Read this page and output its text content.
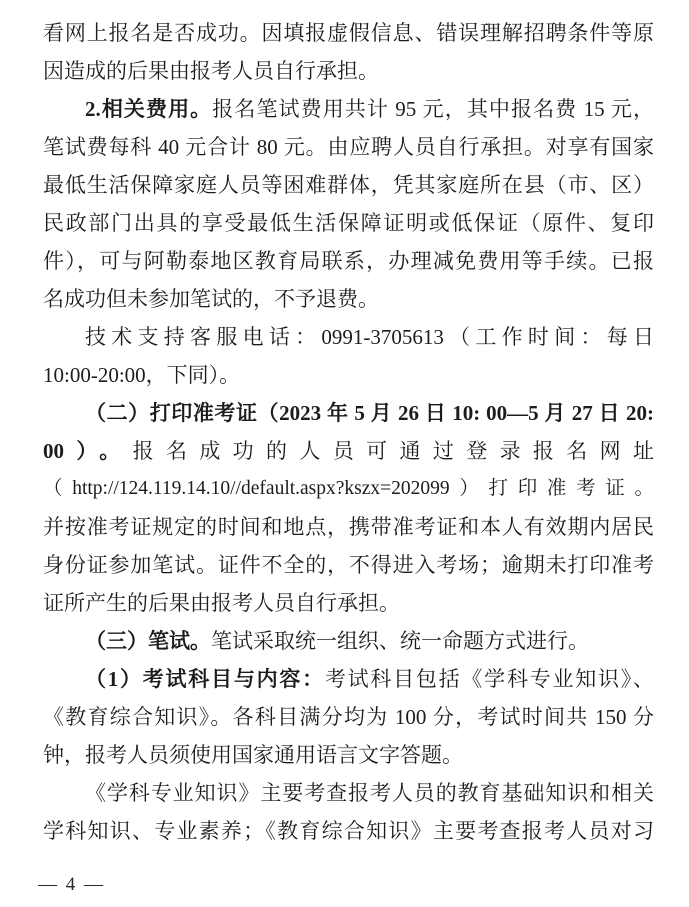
看网上报名是否成功。因填报虚假信息、错误理解招聘条件等原
因造成的后果由报考人员自行承担。
2.相关费用。报名笔试费用共计 95 元，其中报名费 15 元，
笔试费每科 40 元合计 80 元。由应聘人员自行承担。对享有国家
最低生活保障家庭人员等困难群体，凭其家庭所在县（市、区）
民政部门出具的享受最低生活保障证明或低保证（原件、复印
件），可与阿勒泰地区教育局联系，办理减免费用等手续。已报
名成功但未参加笔试的，不予退费。
技术支持客服电话：0991-3705613（工作时间：每日
10:00-20:00，下同）。
（二）打印准考证（2023 年 5 月 26 日 10: 00—5 月 27 日 20:
00）。报名成功的人员可通过登录报名网址
（http://124.119.14.10//default.aspx?kszx=202099）打印准考证。
并按准考证规定的时间和地点，携带准考证和本人有效期内居民
身份证参加笔试。证件不全的，不得进入考场；逾期未打印准考
证所产生的后果由报考人员自行承担。
（三）笔试。笔试采取统一组织、统一命题方式进行。
（1）考试科目与内容：考试科目包括《学科专业知识》、
《教育综合知识》。各科目满分均为 100 分，考试时间共 150 分
钟，报考人员须使用国家通用语言文字答题。
《学科专业知识》主要考查报考人员的教育基础知识和相关
学科知识、专业素养；《教育综合知识》主要考查报考人员对习
— 4 —
